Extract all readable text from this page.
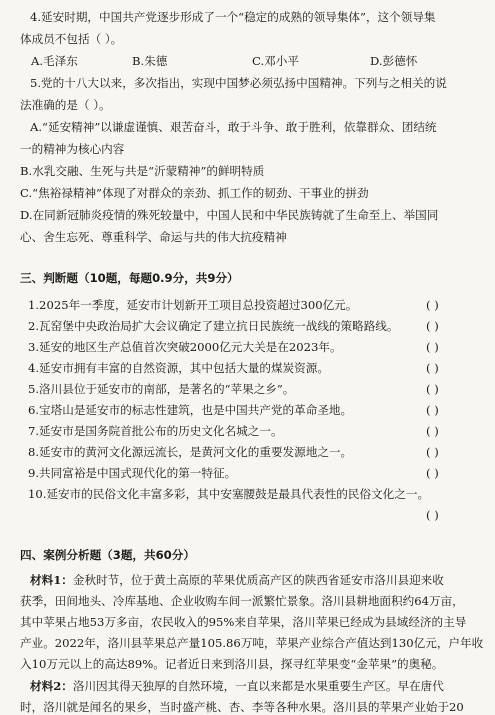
4.延安时期，中国共产党逐步形成了一个“稳定的成熟的领导集体”，这个领导集
体成员不包括（ ）。
A.毛泽东	B.朱德	C.邓小平	D.彭德怀
5.党的十八大以来，多次指出，实现中国梦必须弘扬中国精神。下列与之相关的说
法准确的是（ ）。
A.“延安精神”以谦虚谨慎、艰苦奋斗，敢于斗争、敢于胜利，依靠群众、团结统
一的精神为核心内容
B.水乳交融、生死与共是“沂蒙精神”的鲜明特质
C.“焦裕禄精神”体现了对群众的亲劲、抓工作的韧劲、干事业的拼劲
D.在同新冠肺炎疫情的殊死较量中，中国人民和中华民族铸就了生命至上、举国同
心、舍生忘死、尊重科学、命运与共的伟大抗疫精神
三、判断题（10题，每题0.9分，共9分）
1.2025年一季度，延安市计划新开工项目总投资超过300亿元。	( )
2.瓦窑堡中央政治局扩大会议确定了建立抗日民族统一战线的策略路线。 ( )
3.延安的地区生产总值首次突破2000亿元大关是在2023年。	( )
4.延安市拥有丰富的自然资源，其中包括大量的煤炭资源。	( )
5.洛川县位于延安市的南部，是著名的“苹果之乡”。	( )
6.宝塔山是延安市的标志性建筑，也是中国共产党的革命圣地。	( )
7.延安市是国务院首批公布的历史文化名城之一。	( )
8.延安市的黄河文化源远流长，是黄河文化的重要发源地之一。	( )
9.共同富裕是中国式现代化的第一特征。	( )
10.延安市的民俗文化丰富多彩，其中安塞腰鼓是最具代表性的民俗文化之一。
( )
四、案例分析题（3题，共60分）
材料1：金秋时节，位于黄土高原的苹果优质高产区的陕西省延安市洛川县迎来收
获季，田间地头、冷库基地、企业收购车间一派繁忙景象。洛川县耕地面积约64万亩，
其中苹果占地53万多亩，农民收入的95%来自苹果，洛川苹果已经成为县域经济的主导
产业。2022年，洛川县苹果总产量105.86万吨，苹果产业综合产值达到130亿元，户年收
入10万元以上的高达89%。记者近日来到洛川县，探寻红苹果变“金苹果”的奥秘。
材料2：洛川因其得天独厚的自然环境，一直以来都是水果重要生产区。早在唐代
时，洛川就是闻名的果乡，当时盛产桃、杏、李等各种水果。洛川县的苹果产业始于20
